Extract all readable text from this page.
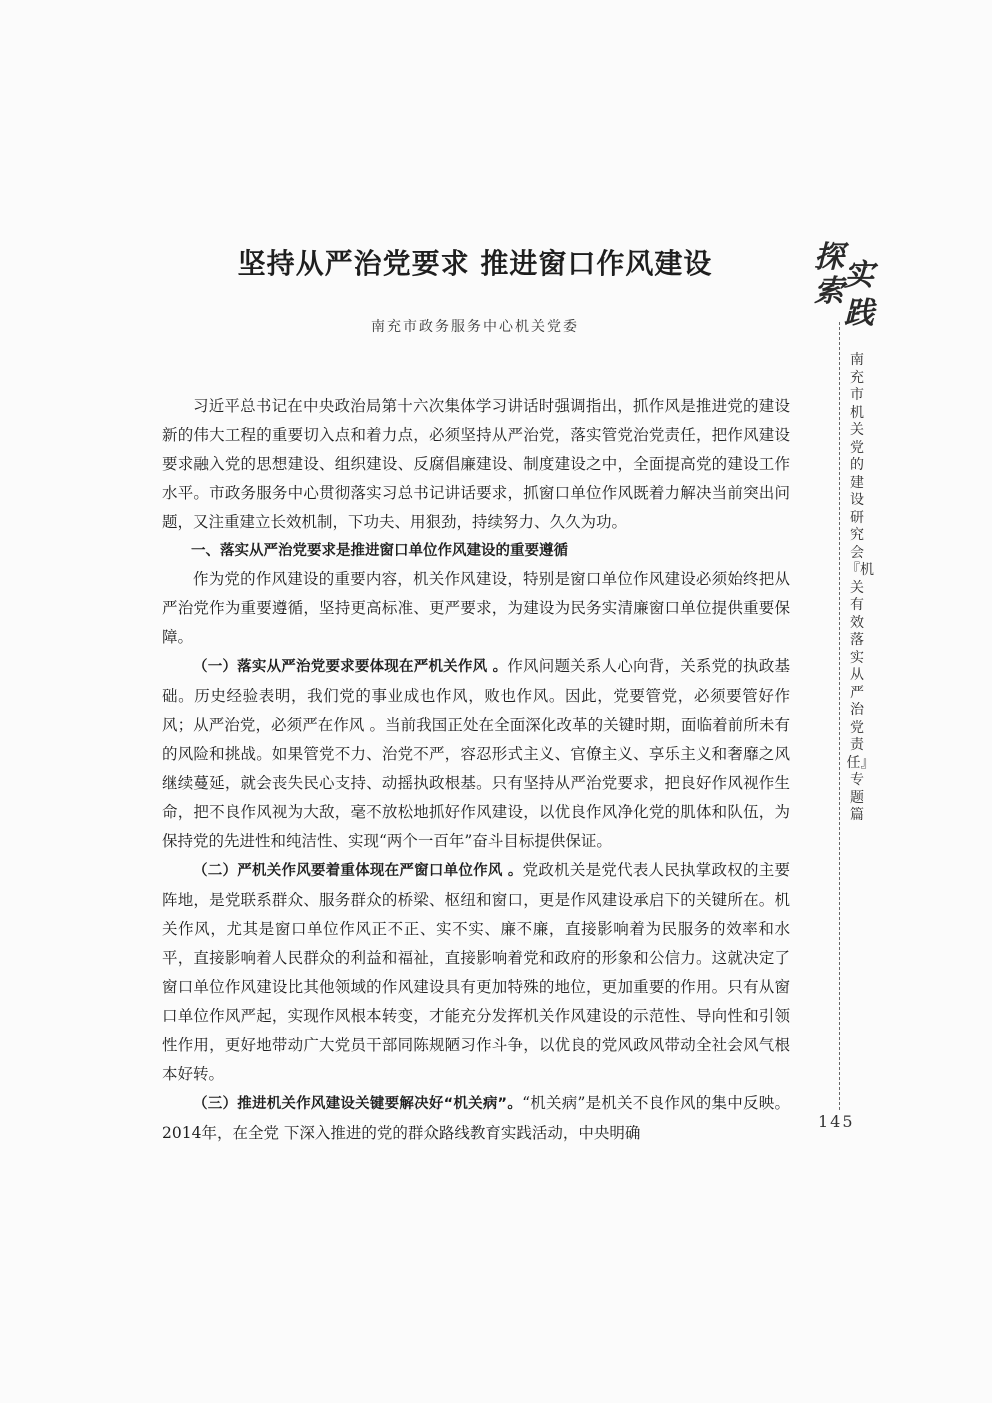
坚持从严治党要求 推进窗口作风建设
南充市政务服务中心机关党委
探
索 实
践
南充市机关党的建设研究会『机关有效落实从严治党责任』专题篇
145

习近平总书记在中央政治局第十六次集体学习讲话时强调指出，抓作风是推进党的建设新的伟大工程的重要切入点和着力点，必须坚持从严治党，落实管党治党责任，把作风建设要求融入党的思想建设、组织建设、反腐倡廉建设、制度建设之中，全面提高党的建设工作水平。市政务服务中心贯彻落实习总书记讲话要求，抓窗口单位作风既着力解决当前突出问题，又注重建立长效机制，下功夫、用狠劲，持续努力、久久为功。

一、落实从严治党要求是推进窗口单位作风建设的重要遵循

作为党的作风建设的重要内容，机关作风建设，特别是窗口单位作风建设必须始终把从严治党作为重要遵循，坚持更高标准、更严要求，为建设为民务实清廉窗口单位提供重要保障。

（一）落实从严治党要求要体现在严机关作风 。作风问题关系人心向背，关系党的执政基础。历史经验表明，我们党的事业成也作风，败也作风。因此，党要管党，必须要管好作风；从严治党，必须严在作风 。当前我国正处在全面深化改革的关键时期，面临着前所未有的风险和挑战。如果管党不力、治党不严，容忍形式主义、官僚主义、享乐主义和奢靡之风继续蔓延，就会丧失民心支持、动摇执政根基。只有坚持从严治党要求，把良好作风视作生命，把不良作风视为大敌，毫不放松地抓好作风建设，以优良作风净化党的肌体和队伍，为保持党的先进性和纯洁性、实现“两个一百年”奋斗目标提供保证。

（二）严机关作风要着重体现在严窗口单位作风 。党政机关是党代表人民执掌政权的主要阵地，是党联系群众、服务群众的桥梁、枢纽和窗口，更是作风建设承启下的关键所在。机关作风，尤其是窗口单位作风正不正、实不实、廉不廉，直接影响着为民服务的效率和水平，直接影响着人民群众的利益和福祉，直接影响着党和政府的形象和公信力。这就决定了窗口单位作风建设比其他领域的作风建设具有更加特殊的地位，更加重要的作用。只有从窗口单位作风严起，实现作风根本转变，才能充分发挥机关作风建设的示范性、导向性和引领性作用，更好地带动广大党员干部同陈规陋习作斗争，以优良的党风政风带动全社会风气根本好转。

（三）推进机关作风建设关键要解决好“机关病”。“机关病”是机关不良作风的集中反映。2014年，在全党 下深入推进的党的群众路线教育实践活动，中央明确
